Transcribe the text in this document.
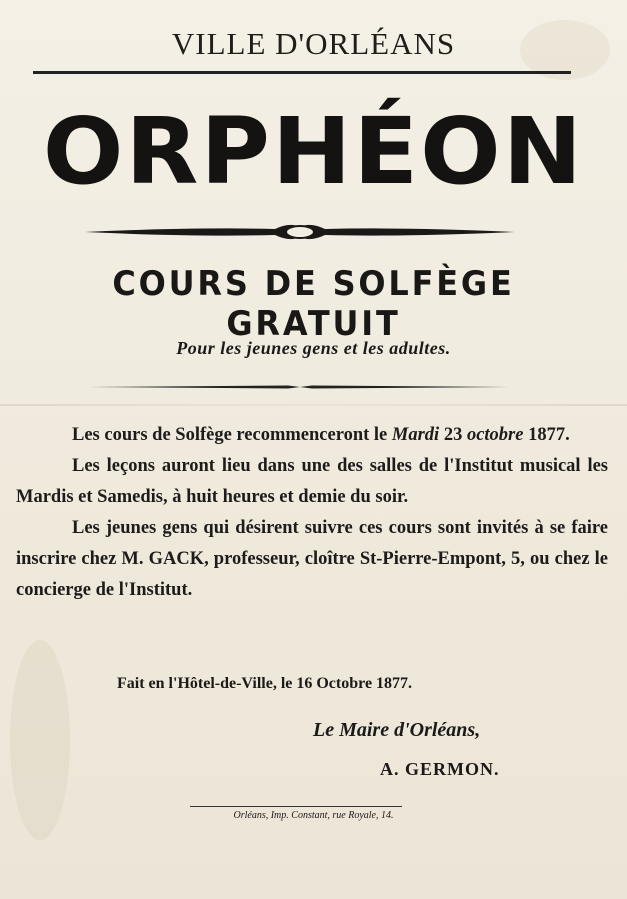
VILLE D'ORLÉANS
ORPHÉON
COURS DE SOLFÈGE GRATUIT
Pour les jeunes gens et les adultes.

Les cours de Solfège recommenceront le Mardi 23 octobre 1877.

Les leçons auront lieu dans une des salles de l'Institut musical les Mardis et Samedis, à huit heures et demie du soir.

Les jeunes gens qui désirent suivre ces cours sont invités à se faire inscrire chez M. GACK, professeur, cloître St-Pierre-Empont, 5, ou chez le concierge de l'Institut.

Fait en l'Hôtel-de-Ville, le 16 Octobre 1877.
Le Maire d'Orléans,
A. GERMON.
Orléans, Imp. Constant, rue Royale, 14.
